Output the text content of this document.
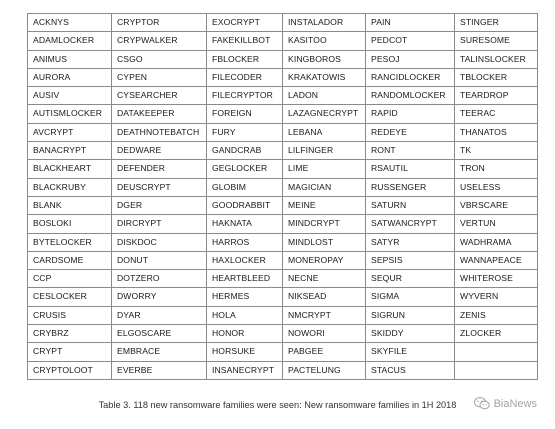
ACKNYS	CRYPTOR	EXOCRYPT	INSTALADOR	PAIN	STINGER
ADAMLOCKER	CRYPWALKER	FAKEKILLBOT	KASITOO	PEDCOT	SURESOME
ANIMUS	CSGO	FBLOCKER	KINGBOROS	PESOJ	TALINSLOCKER
AURORA	CYPEN	FILECODER	KRAKATOWIS	RANCIDLOCKER	TBLOCKER
AUSIV	CYSEARCHER	FILECRYPTOR	LADON	RANDOMLOCKER	TEARDROP
AUTISMLOCKER	DATAKEEPER	FOREIGN	LAZAGNECRYPT	RAPID	TEERAC
AVCRYPT	DEATHNOTEBATCH	FURY	LEBANA	REDEYE	THANATOS
BANACRYPT	DEDWARE	GANDCRAB	LILFINGER	RONT	TK
BLACKHEART	DEFENDER	GEGLOCKER	LIME	RSAUTIL	TRON
BLACKRUBY	DEUSCRYPT	GLOBIM	MAGICIAN	RUSSENGER	USELESS
BLANK	DGER	GOODRABBIT	MEINE	SATURN	VBRSCARE
BOSLOKI	DIRCRYPT	HAKNATA	MINDCRYPT	SATWANCRYPT	VERTUN
BYTELOCKER	DISKDOC	HARROS	MINDLOST	SATYR	WADHRAMA
CARDSOME	DONUT	HAXLOCKER	MONEROPAY	SEPSIS	WANNAPEACE
CCP	DOTZERO	HEARTBLEED	NECNE	SEQUR	WHITEROSE
CESLOCKER	DWORRY	HERMES	NIKSEAD	SIGMA	WYVERN
CRUSIS	DYAR	HOLA	NMCRYPT	SIGRUN	ZENIS
CRYBRZ	ELGOSCARE	HONOR	NOWORI	SKIDDY	ZLOCKER
CRYPT	EMBRACE	HORSUKE	PABGEE	SKYFILE	
CRYPTOLOOT	EVERBE	INSANECRYPT	PACTELUNG	STACUS	
Table 3. 118 new ransomware families were seen: New ransomware families in 1H 2018	BiaNews
